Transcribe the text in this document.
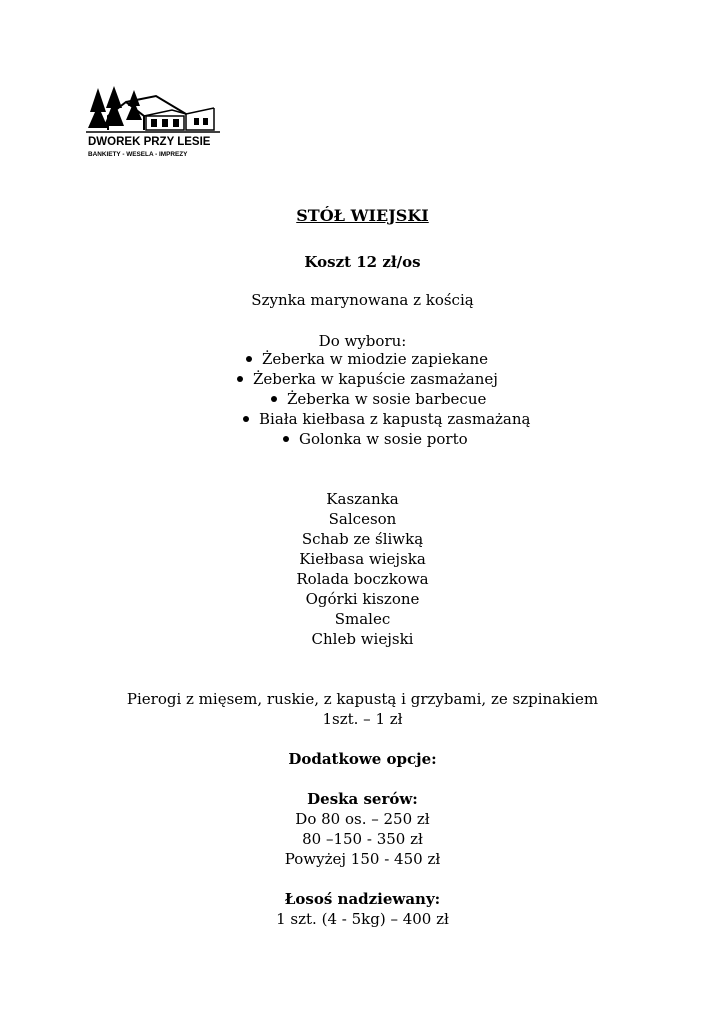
DWOREK PRZY LESIE
BANKIETY - WESELA - IMPREZY
STÓŁ WIEJSKI
Koszt 12 zł/os
Szynka marynowana z kością
Do wyboru:
Żeberka w miodzie zapiekane
Żeberka w kapuście zasmażanej
Żeberka w sosie barbecue
Biała kiełbasa z kapustą zasmażaną
Golonka w sosie porto
Kaszanka
Salceson
Schab ze śliwką
Kiełbasa wiejska
Rolada boczkowa
Ogórki kiszone
Smalec
Chleb wiejski
Pierogi z mięsem, ruskie, z kapustą i grzybami, ze szpinakiem
1szt. – 1 zł
Dodatkowe opcje:
Deska serów:
Do 80 os. – 250 zł
80 –150 - 350 zł
Powyżej 150 - 450 zł
Łosoś nadziewany:
1 szt. (4 - 5kg) – 400 zł
